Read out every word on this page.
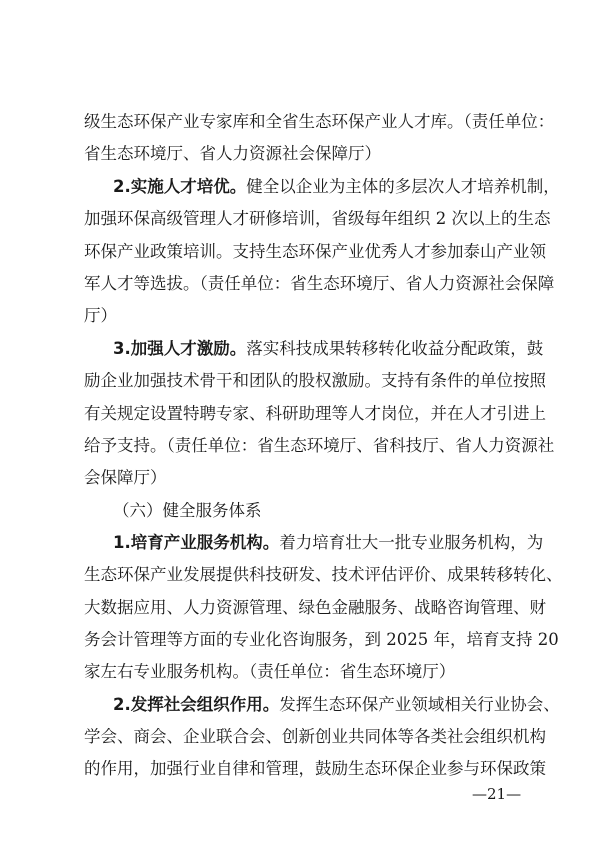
级生态环保产业专家库和全省生态环保产业人才库。（责任单位：
省生态环境厅、省人力资源社会保障厅）
2.实施人才培优。健全以企业为主体的多层次人才培养机制，
加强环保高级管理人才研修培训，省级每年组织 2 次以上的生态
环保产业政策培训。支持生态环保产业优秀人才参加泰山产业领
军人才等选拔。（责任单位：省生态环境厅、省人力资源社会保障
厅）
3.加强人才激励。落实科技成果转移转化收益分配政策，鼓
励企业加强技术骨干和团队的股权激励。支持有条件的单位按照
有关规定设置特聘专家、科研助理等人才岗位，并在人才引进上
给予支持。（责任单位：省生态环境厅、省科技厅、省人力资源社
会保障厅）
（六）健全服务体系
1.培育产业服务机构。着力培育壮大一批专业服务机构，为
生态环保产业发展提供科技研发、技术评估评价、成果转移转化、
大数据应用、人力资源管理、绿色金融服务、战略咨询管理、财
务会计管理等方面的专业化咨询服务，到 2025 年，培育支持 20
家左右专业服务机构。（责任单位：省生态环境厅）
2.发挥社会组织作用。发挥生态环保产业领域相关行业协会、
学会、商会、企业联合会、创新创业共同体等各类社会组织机构
的作用，加强行业自律和管理，鼓励生态环保企业参与环保政策
—21—
